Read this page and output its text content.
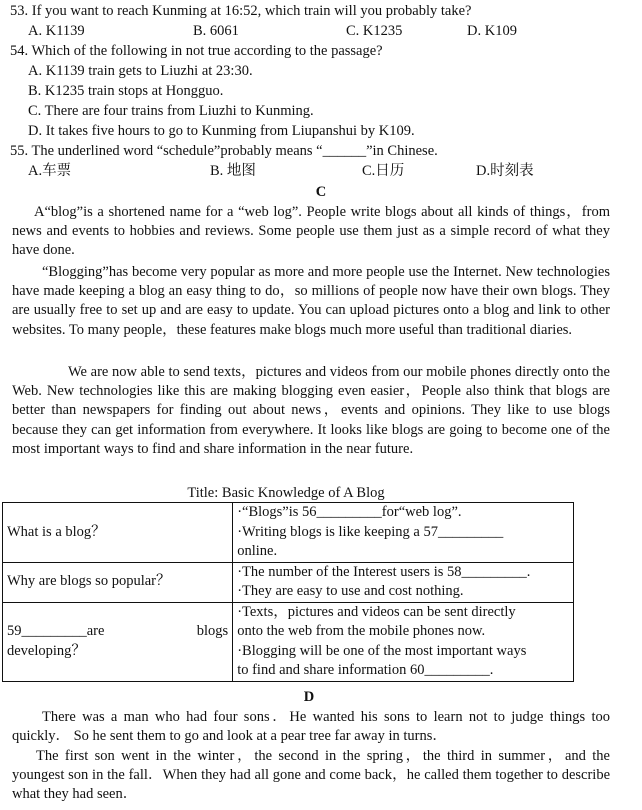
53. If you want to reach Kunming at 16:52, which train will you probably take?
A. K1139	B. 6061	C. K1235	D. K109
54. Which of the following in not true according to the passage?
A. K1139 train gets to Liuzhi at 23:30.
B. K1235 train stops at Hongguo.
C. There are four trains from Liuzhi to Kunming.
D. It takes five hours to go to Kunming from Liupanshui by K109.
55. The underlined word “schedule”probably means “______”in Chinese.
A.车票	B. 地图	C.日历	D.时刻表
C
A“blog”is a shortened name for a “web log”. People write blogs about all kinds of things，from news and events to hobbies and reviews. Some people use them just as a simple record of what they have done.
“Blogging”has become very popular as more and more people use the Internet. New technologies have made keeping a blog an easy thing to do，so millions of people now have their own blogs. They are usually free to set up and are easy to update. You can upload pictures onto a blog and link to other websites. To many people，these features make blogs much more useful than traditional diaries.
We are now able to send texts，pictures and videos from our mobile phones directly onto the Web. New technologies like this are making blogging even easier，People also think that blogs are better than newspapers for finding out about news，events and opinions. They like to use blogs because they can get information from everywhere. It looks like blogs are going to become one of the most important ways to find and share information in the near future.
Title: Basic Knowledge of A Blog
What is a blog？	·“Blogs”is 56_________for“web log”.
·Writing blogs is like keeping a 57_________
online.

Why are blogs so popular？	·The number of the Interest users is 58_________.
·They are easy to use and cost nothing.

59_________are blogs
developing？	·Texts，pictures and videos can be sent directly
onto the web from the mobile phones now.
·Blogging will be one of the most important ways
to find and share information 60_________.
D
There was a man who had four sons．He wanted his sons to learn not to judge things too quickly． So he sent them to go and look at a pear tree far away in turns．
The first son went in the winter，the second in the spring，the third in summer，and the youngest son in the fall．When they had all gone and come back，he called them together to describe what they had seen．
